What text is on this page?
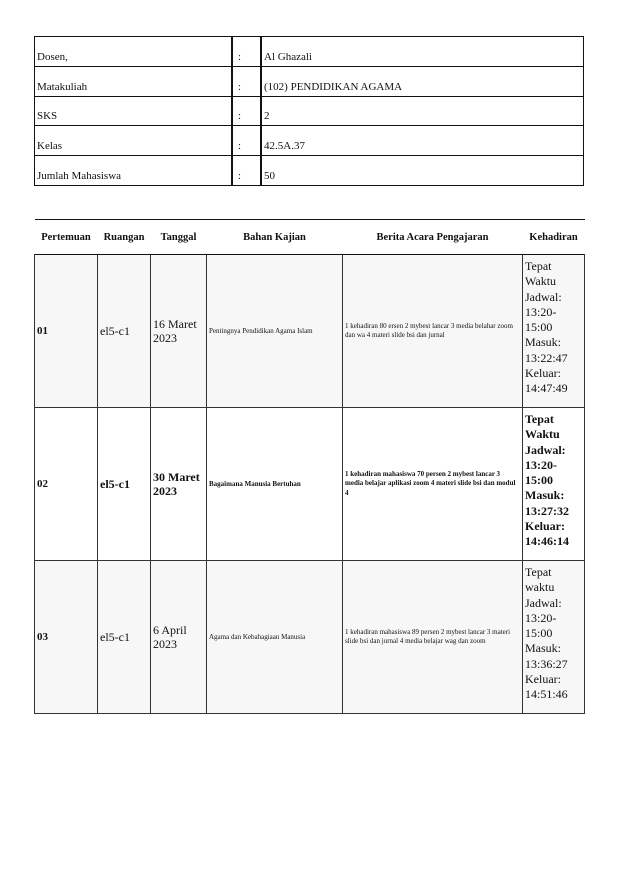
Dosen,	:	Al Ghazali
Matakuliah	:	(102) PENDIDIKAN AGAMA
SKS	:	2
Kelas	:	42.5A.37
Jumlah Mahasiswa	:	50
Pertemuan	Ruangan	Tanggal	Bahan Kajian	Berita Acara Pengajaran	Kehadiran
01	el5-c1	16 Maret 2023	Pentingnya Pendidikan Agama Islam	1 kehadiran 80 ersen 2 mybest lancar 3 media belahar zoom dan wa 4 materi slide bsi dan jurnal	Tepat Waktu Jadwal: 13:20-15:00 Masuk: 13:22:47 Keluar: 14:47:49
02	el5-c1	30 Maret 2023	Bagaimana Manusia Bertuhan	1 kehadiran mahasiswa 70 persen 2 mybest lancar 3 media belajar aplikasi zoom 4 materi slide bsi dan modul 4	Tepat Waktu Jadwal: 13:20-15:00 Masuk: 13:27:32 Keluar: 14:46:14
03	el5-c1	6 April 2023	Agama dan Kebahagiaan Manusia	1 kehadiran mahasiswa 89 persen 2 mybest lancar 3 materi slide bsi dan jurnal 4 media belajar wag dan zoom	Tepat waktu Jadwal: 13:20-15:00 Masuk: 13:36:27 Keluar: 14:51:46
